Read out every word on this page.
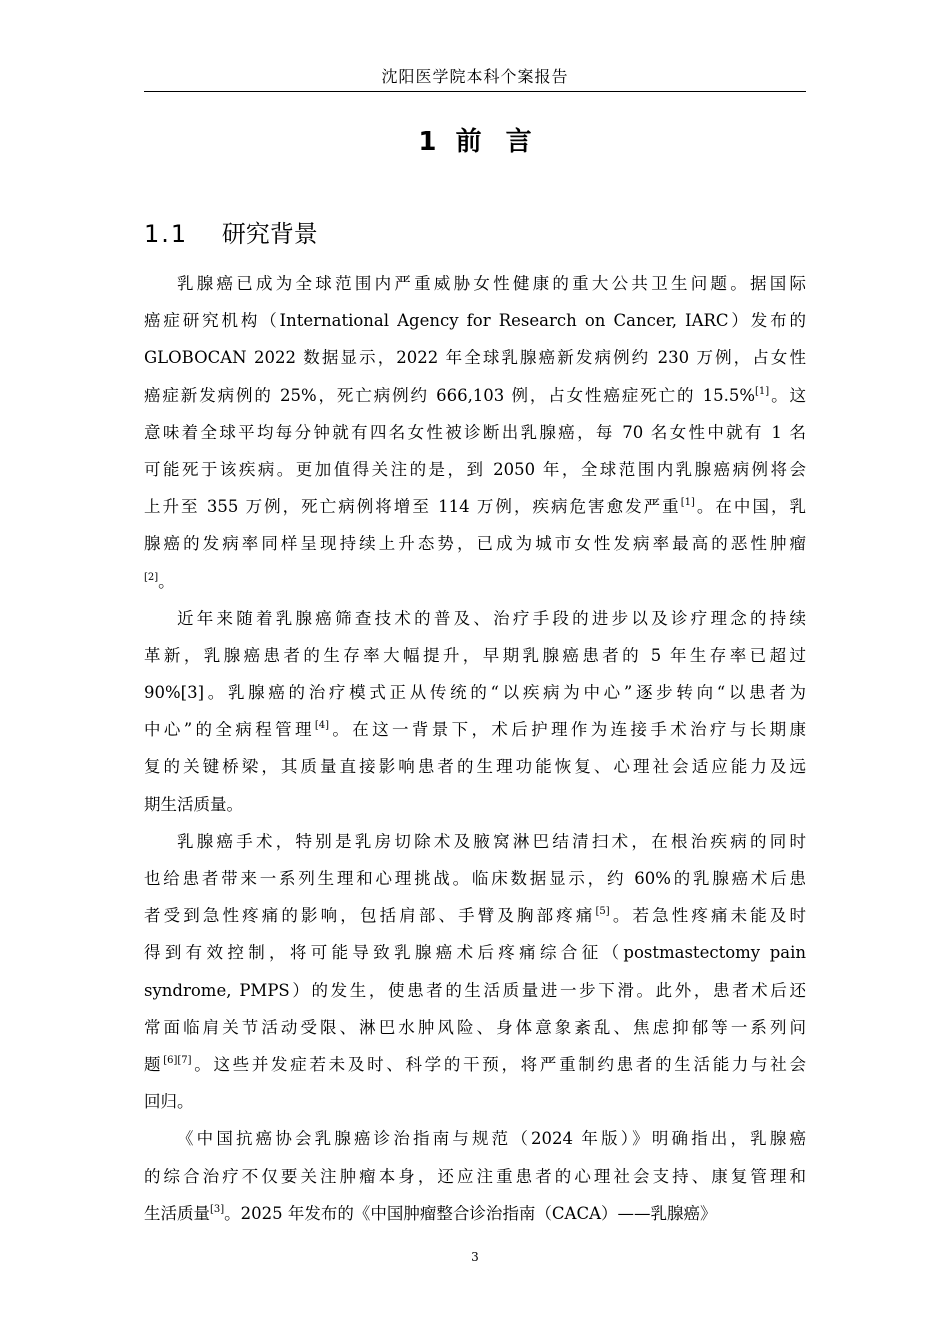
沈阳医学院本科个案报告
1 前言
1.1 研究背景
乳腺癌已成为全球范围内严重威胁女性健康的重大公共卫生问题。据国际
癌症研究机构（International Agency for Research on Cancer, IARC）发布的
GLOBOCAN 2022 数据显示，2022 年全球乳腺癌新发病例约 230 万例，占女性
癌症新发病例的 25%，死亡病例约 666,103 例，占女性癌症死亡的 15.5%[1]。这
意味着全球平均每分钟就有四名女性被诊断出乳腺癌，每 70 名女性中就有 1 名
可能死于该疾病。更加值得关注的是，到 2050 年，全球范围内乳腺癌病例将会
上升至 355 万例，死亡病例将增至 114 万例，疾病危害愈发严重[1]。在中国，乳
腺癌的发病率同样呈现持续上升态势，已成为城市女性发病率最高的恶性肿瘤
[2]。
近年来随着乳腺癌筛查技术的普及、治疗手段的进步以及诊疗理念的持续
革新，乳腺癌患者的生存率大幅提升，早期乳腺癌患者的 5 年生存率已超过
90%[3]。乳腺癌的治疗模式正从传统的“以疾病为中心”逐步转向“以患者为
中心”的全病程管理[4]。在这一背景下，术后护理作为连接手术治疗与长期康
复的关键桥梁，其质量直接影响患者的生理功能恢复、心理社会适应能力及远
期生活质量。
乳腺癌手术，特别是乳房切除术及腋窝淋巴结清扫术，在根治疾病的同时
也给患者带来一系列生理和心理挑战。临床数据显示，约 60%的乳腺癌术后患
者受到急性疼痛的影响，包括肩部、手臂及胸部疼痛[5]。若急性疼痛未能及时
得到有效控制，将可能导致乳腺癌术后疼痛综合征（postmastectomy pain
syndrome, PMPS）的发生，使患者的生活质量进一步下滑。此外，患者术后还
常面临肩关节活动受限、淋巴水肿风险、身体意象紊乱、焦虑抑郁等一系列问
题[6][7]。这些并发症若未及时、科学的干预，将严重制约患者的生活能力与社会
回归。
《中国抗癌协会乳腺癌诊治指南与规范（2024 年版）》明确指出，乳腺癌
的综合治疗不仅要关注肿瘤本身，还应注重患者的心理社会支持、康复管理和
生活质量[3]。2025 年发布的《中国肿瘤整合诊治指南（CACA）——乳腺癌》
3
